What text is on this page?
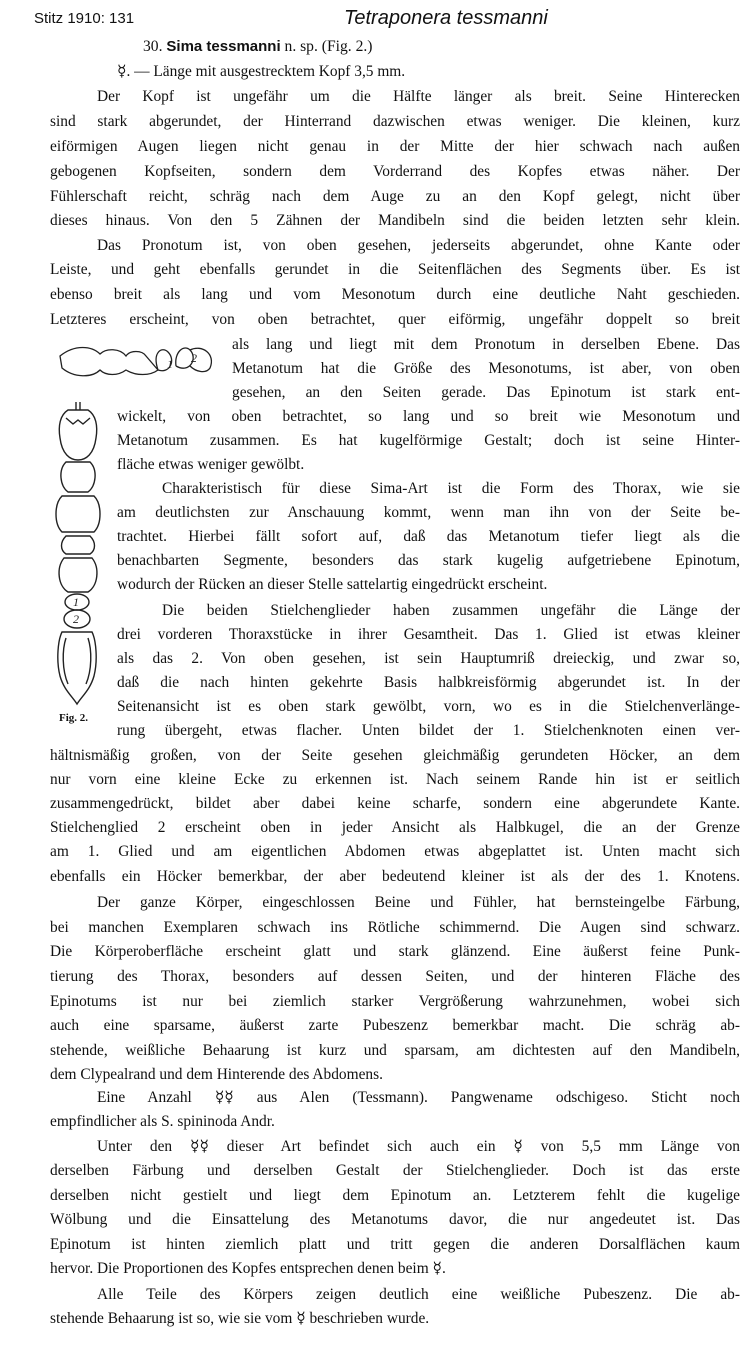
Stitz 1910: 131	Tetraponera tessmanni
30. Sima tessmanni n. sp. (Fig. 2.)
☿. — Länge mit ausgestrecktem Kopf 3,5 mm.
Der Kopf ist ungefähr um die Hälfte länger als breit. Seine Hinterecken
sind stark abgerundet, der Hinterrand dazwischen etwas weniger. Die kleinen, kurz
eiförmigen Augen liegen nicht genau in der Mitte der hier schwach nach außen
gebogenen Kopfseiten, sondern dem Vorderrand des Kopfes etwas näher. Der
Fühlerschaft reicht, schräg nach dem Auge zu an den Kopf gelegt, nicht über
dieses hinaus. Von den 5 Zähnen der Mandibeln sind die beiden letzten sehr klein.
Das Pronotum ist, von oben gesehen, jederseits abgerundet, ohne Kante oder
Leiste, und geht ebenfalls gerundet in die Seitenflächen des Segments über. Es ist
ebenso breit als lang und vom Mesonotum durch eine deutliche Naht geschieden.
Letzteres erscheint, von oben betrachtet, quer eiförmig, ungefähr doppelt so breit
als lang und liegt mit dem Pronotum in derselben Ebene. Das
Metanotum hat die Größe des Mesonotums, ist aber, von oben
gesehen, an den Seiten gerade. Das Epinotum ist stark ent-
wickelt, von oben betrachtet, so lang und so breit wie Mesonotum und
Metanotum zusammen. Es hat kugelförmige Gestalt; doch ist seine Hinter-
fläche etwas weniger gewölbt.
Charakteristisch für diese Sima-Art ist die Form des Thorax, wie sie
am deutlichsten zur Anschauung kommt, wenn man ihn von der Seite be-
trachtet. Hierbei fällt sofort auf, daß das Metanotum tiefer liegt als die
benachbarten Segmente, besonders das stark kugelig aufgetriebene Epinotum,
wodurch der Rücken an dieser Stelle sattelartig eingedrückt erscheint.
Die beiden Stielchenglieder haben zusammen ungefähr die Länge der
drei vorderen Thoraxstücke in ihrer Gesamtheit. Das 1. Glied ist etwas kleiner
als das 2. Von oben gesehen, ist sein Hauptumriß dreieckig, und zwar so,
daß die nach hinten gekehrte Basis halbkreisförmig abgerundet ist. In der
Seitenansicht ist es oben stark gewölbt, vorn, wo es in die Stielchenverlänge-
rung übergeht, etwas flacher. Unten bildet der 1. Stielchenknoten einen ver-
hältnismäßig großen, von der Seite gesehen gleichmäßig gerundeten Höcker, an dem
nur vorn eine kleine Ecke zu erkennen ist. Nach seinem Rande hin ist er seitlich
zusammengedrückt, bildet aber dabei keine scharfe, sondern eine abgerundete Kante.
Stielchenglied 2 erscheint oben in jeder Ansicht als Halbkugel, die an der Grenze
am 1. Glied und am eigentlichen Abdomen etwas abgeplattet ist. Unten macht sich
ebenfalls ein Höcker bemerkbar, der aber bedeutend kleiner ist als der des 1. Knotens.
Der ganze Körper, eingeschlossen Beine und Fühler, hat bernsteingelbe Färbung,
bei manchen Exemplaren schwach ins Rötliche schimmernd. Die Augen sind schwarz.
Die Körperoberfläche erscheint glatt und stark glänzend. Eine äußerst feine Punk-
tierung des Thorax, besonders auf dessen Seiten, und der hinteren Fläche des
Epinotums ist nur bei ziemlich starker Vergrößerung wahrzunehmen, wobei sich
auch eine sparsame, äußerst zarte Pubeszenz bemerkbar macht. Die schräg ab-
stehende, weißliche Behaarung ist kurz und sparsam, am dichtesten auf den Mandibeln,
dem Clypealrand und dem Hinterende des Abdomens.
Eine Anzahl ☿☿ aus Alen (Tessmann). Pangwename odschigeso. Sticht noch
empfindlicher als S. spininoda Andr.
Unter den ☿☿ dieser Art befindet sich auch ein ☿ von 5,5 mm Länge von
derselben Färbung und derselben Gestalt der Stielchenglieder. Doch ist das erste
derselben nicht gestielt und liegt dem Epinotum an. Letzterem fehlt die kugelige
Wölbung und die Einsattelung des Metanotums davor, die nur angedeutet ist. Das
Epinotum ist hinten ziemlich platt und tritt gegen die anderen Dorsalflächen kaum
hervor. Die Proportionen des Kopfes entsprechen denen beim ☿.
Alle Teile des Körpers zeigen deutlich eine weißliche Pubeszenz. Die ab-
stehende Behaarung ist so, wie sie vom ☿ beschrieben wurde.
1 2
1
2
Fig. 2.
